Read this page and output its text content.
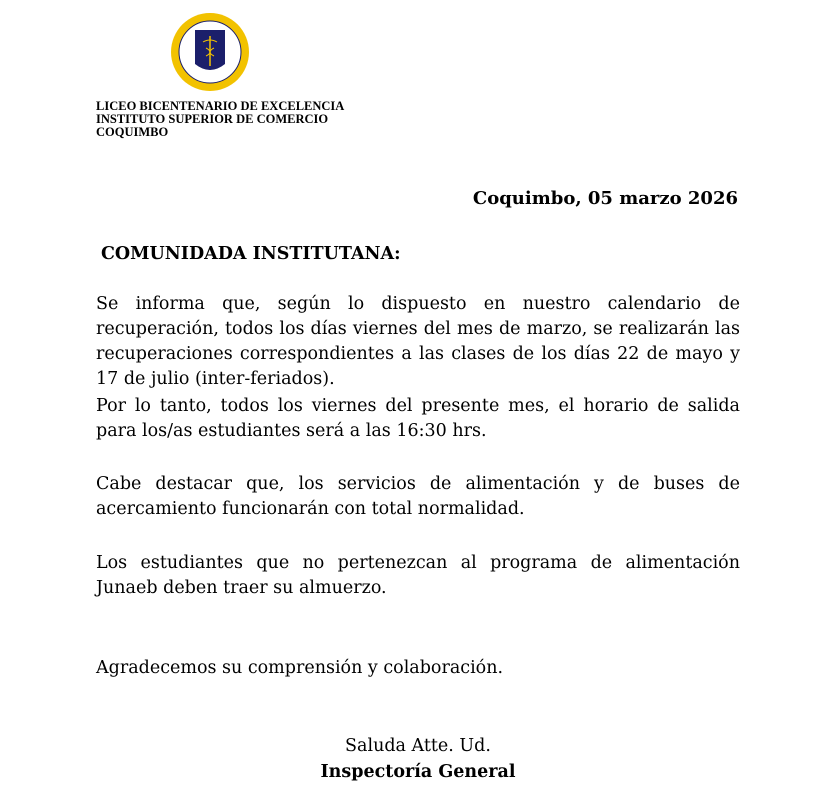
LICEO BICENTENARIO DE EXCELENCIA
INSTITUTO SUPERIOR DE COMERCIO
COQUIMBO
Coquimbo, 05 marzo 2026
COMUNIDADA INSTITUTANA:

Se informa que, según lo dispuesto en nuestro calendario de recuperación, todos los días viernes del mes de marzo, se realizarán las recuperaciones correspondientes a las clases de los días 22 de mayo y 17 de julio (inter-feriados).

Por lo tanto, todos los viernes del presente mes, el horario de salida para los/as estudiantes será a las 16:30 hrs.

Cabe destacar que, los servicios de alimentación y de buses de acercamiento funcionarán con total normalidad.

Los estudiantes que no pertenezcan al programa de alimentación Junaeb deben traer su almuerzo.

Agradecemos su comprensión y colaboración.

Saluda Atte. Ud.
Inspectoría General
